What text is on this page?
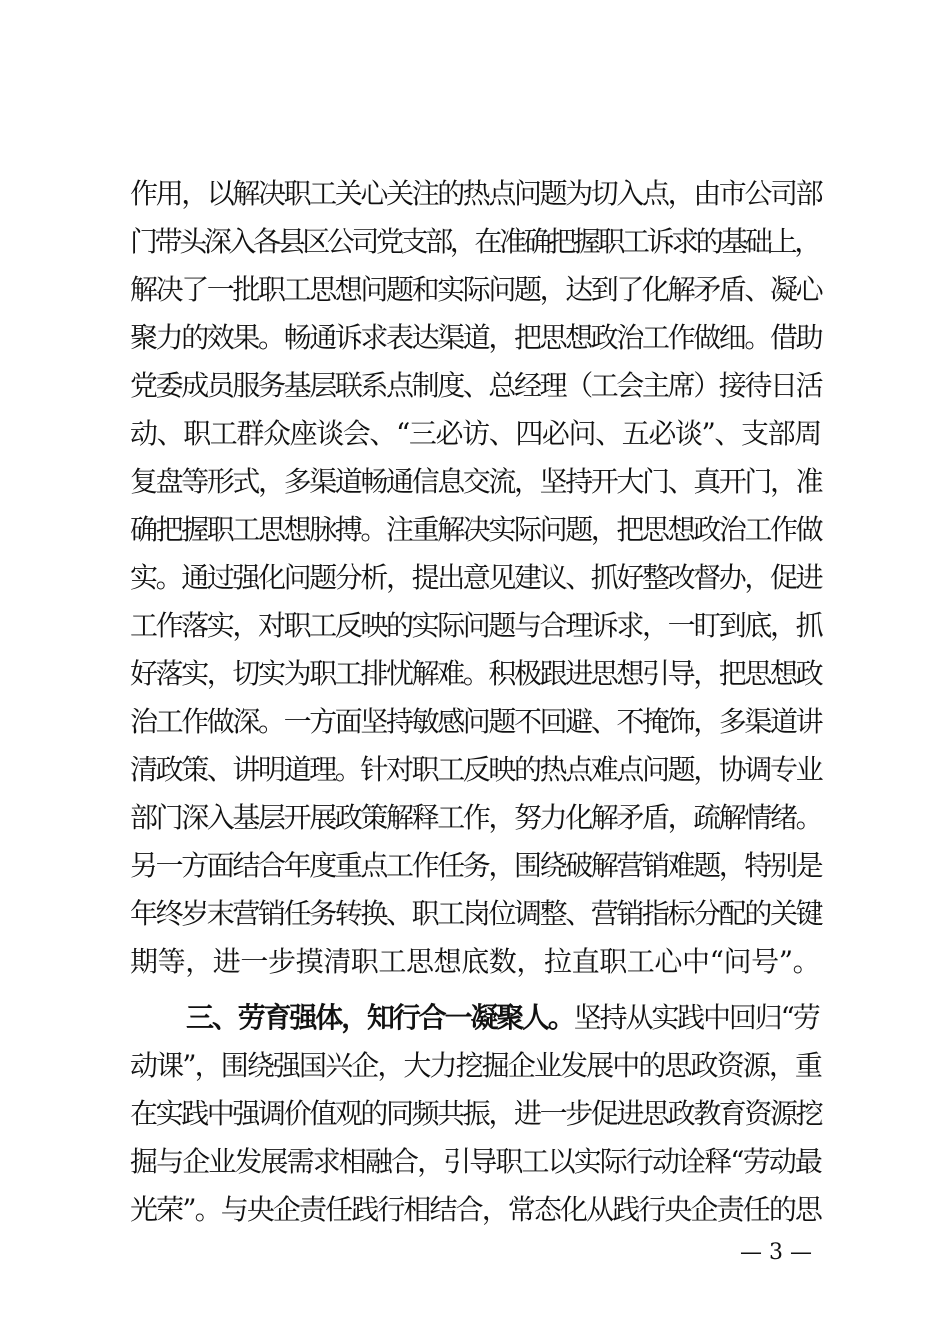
作用，以解决职工关心关注的热点问题为切入点，由市公司部
门带头深入各县区公司党支部，在准确把握职工诉求的基础上，
解决了一批职工思想问题和实际问题，达到了化解矛盾、凝心
聚力的效果。畅通诉求表达渠道，把思想政治工作做细。借助
党委成员服务基层联系点制度、总经理（工会主席）接待日活
动、职工群众座谈会、“三必访、四必问、五必谈”、支部周
复盘等形式，多渠道畅通信息交流，坚持开大门、真开门，准
确把握职工思想脉搏。注重解决实际问题，把思想政治工作做
实。通过强化问题分析，提出意见建议、抓好整改督办，促进
工作落实，对职工反映的实际问题与合理诉求，一盯到底，抓
好落实，切实为职工排忧解难。积极跟进思想引导，把思想政
治工作做深。一方面坚持敏感问题不回避、不掩饰，多渠道讲
清政策、讲明道理。针对职工反映的热点难点问题，协调专业
部门深入基层开展政策解释工作，努力化解矛盾，疏解情绪。
另一方面结合年度重点工作任务，围绕破解营销难题，特别是
年终岁末营销任务转换、职工岗位调整、营销指标分配的关键
期等，进一步摸清职工思想底数，拉直职工心中“问号”。
三、劳育强体，知行合一凝聚人。坚持从实践中回归“劳
动课”，围绕强国兴企，大力挖掘企业发展中的思政资源，重
在实践中强调价值观的同频共振，进一步促进思政教育资源挖
掘与企业发展需求相融合，引导职工以实际行动诠释“劳动最
光荣”。与央企责任践行相结合，常态化从践行央企责任的思
— 3 —
